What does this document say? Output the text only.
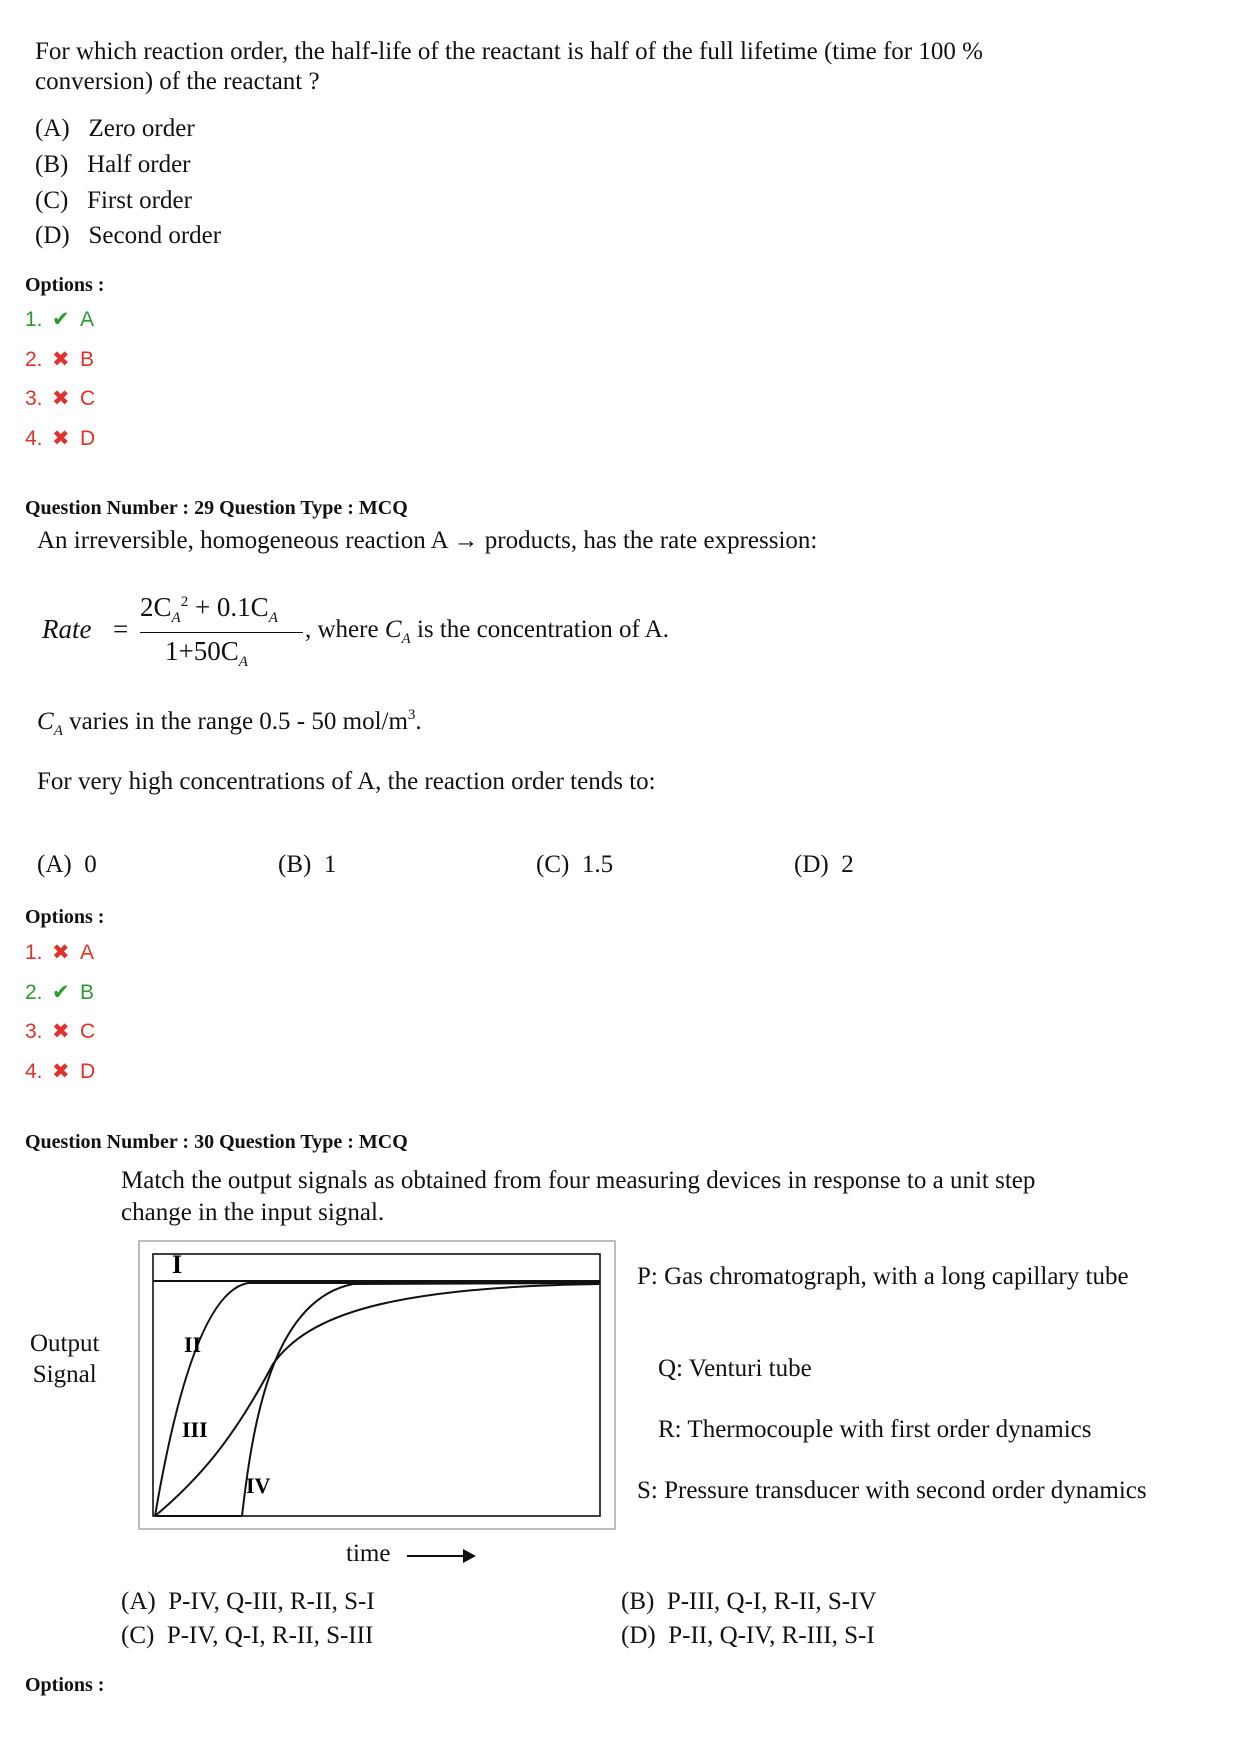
For which reaction order, the half-life of the reactant is half of the full lifetime (time for 100 %
conversion) of the reactant ?
(A) Zero order
(B) Half order
(C) First order
(D) Second order
Options :
1. ✔ A
2. ✖ B
3. ✖ C
4. ✖ D
Question Number : 29 Question Type : MCQ
An irreversible, homogeneous reaction A → products, has the rate expression:
Rate =
$2C_A^2 + 0.1C_A$
$1+50C_A$
, where $C_A$ is the concentration of A.
$C_A$ varies in the range 0.5 - 50 mol/$m^3$.
For very high concentrations of A, the reaction order tends to:
(A) 0	(B) 1	(C) 1.5	(D) 2
Options :
1. ✖ A
2. ✔ B
3. ✖ C
4. ✖ D
Question Number : 30 Question Type : MCQ
Match the output signals as obtained from four measuring devices in response to a unit step
change in the input signal.
Output
Signal
I
II
III
IV
time
P: Gas chromatograph, with a long capillary tube
Q: Venturi tube
R: Thermocouple with first order dynamics
S: Pressure transducer with second order dynamics
(A) P-IV, Q-III, R-II, S-I	(B) P-III, Q-I, R-II, S-IV
(C) P-IV, Q-I, R-II, S-III	(D) P-II, Q-IV, R-III, S-I
Options :
